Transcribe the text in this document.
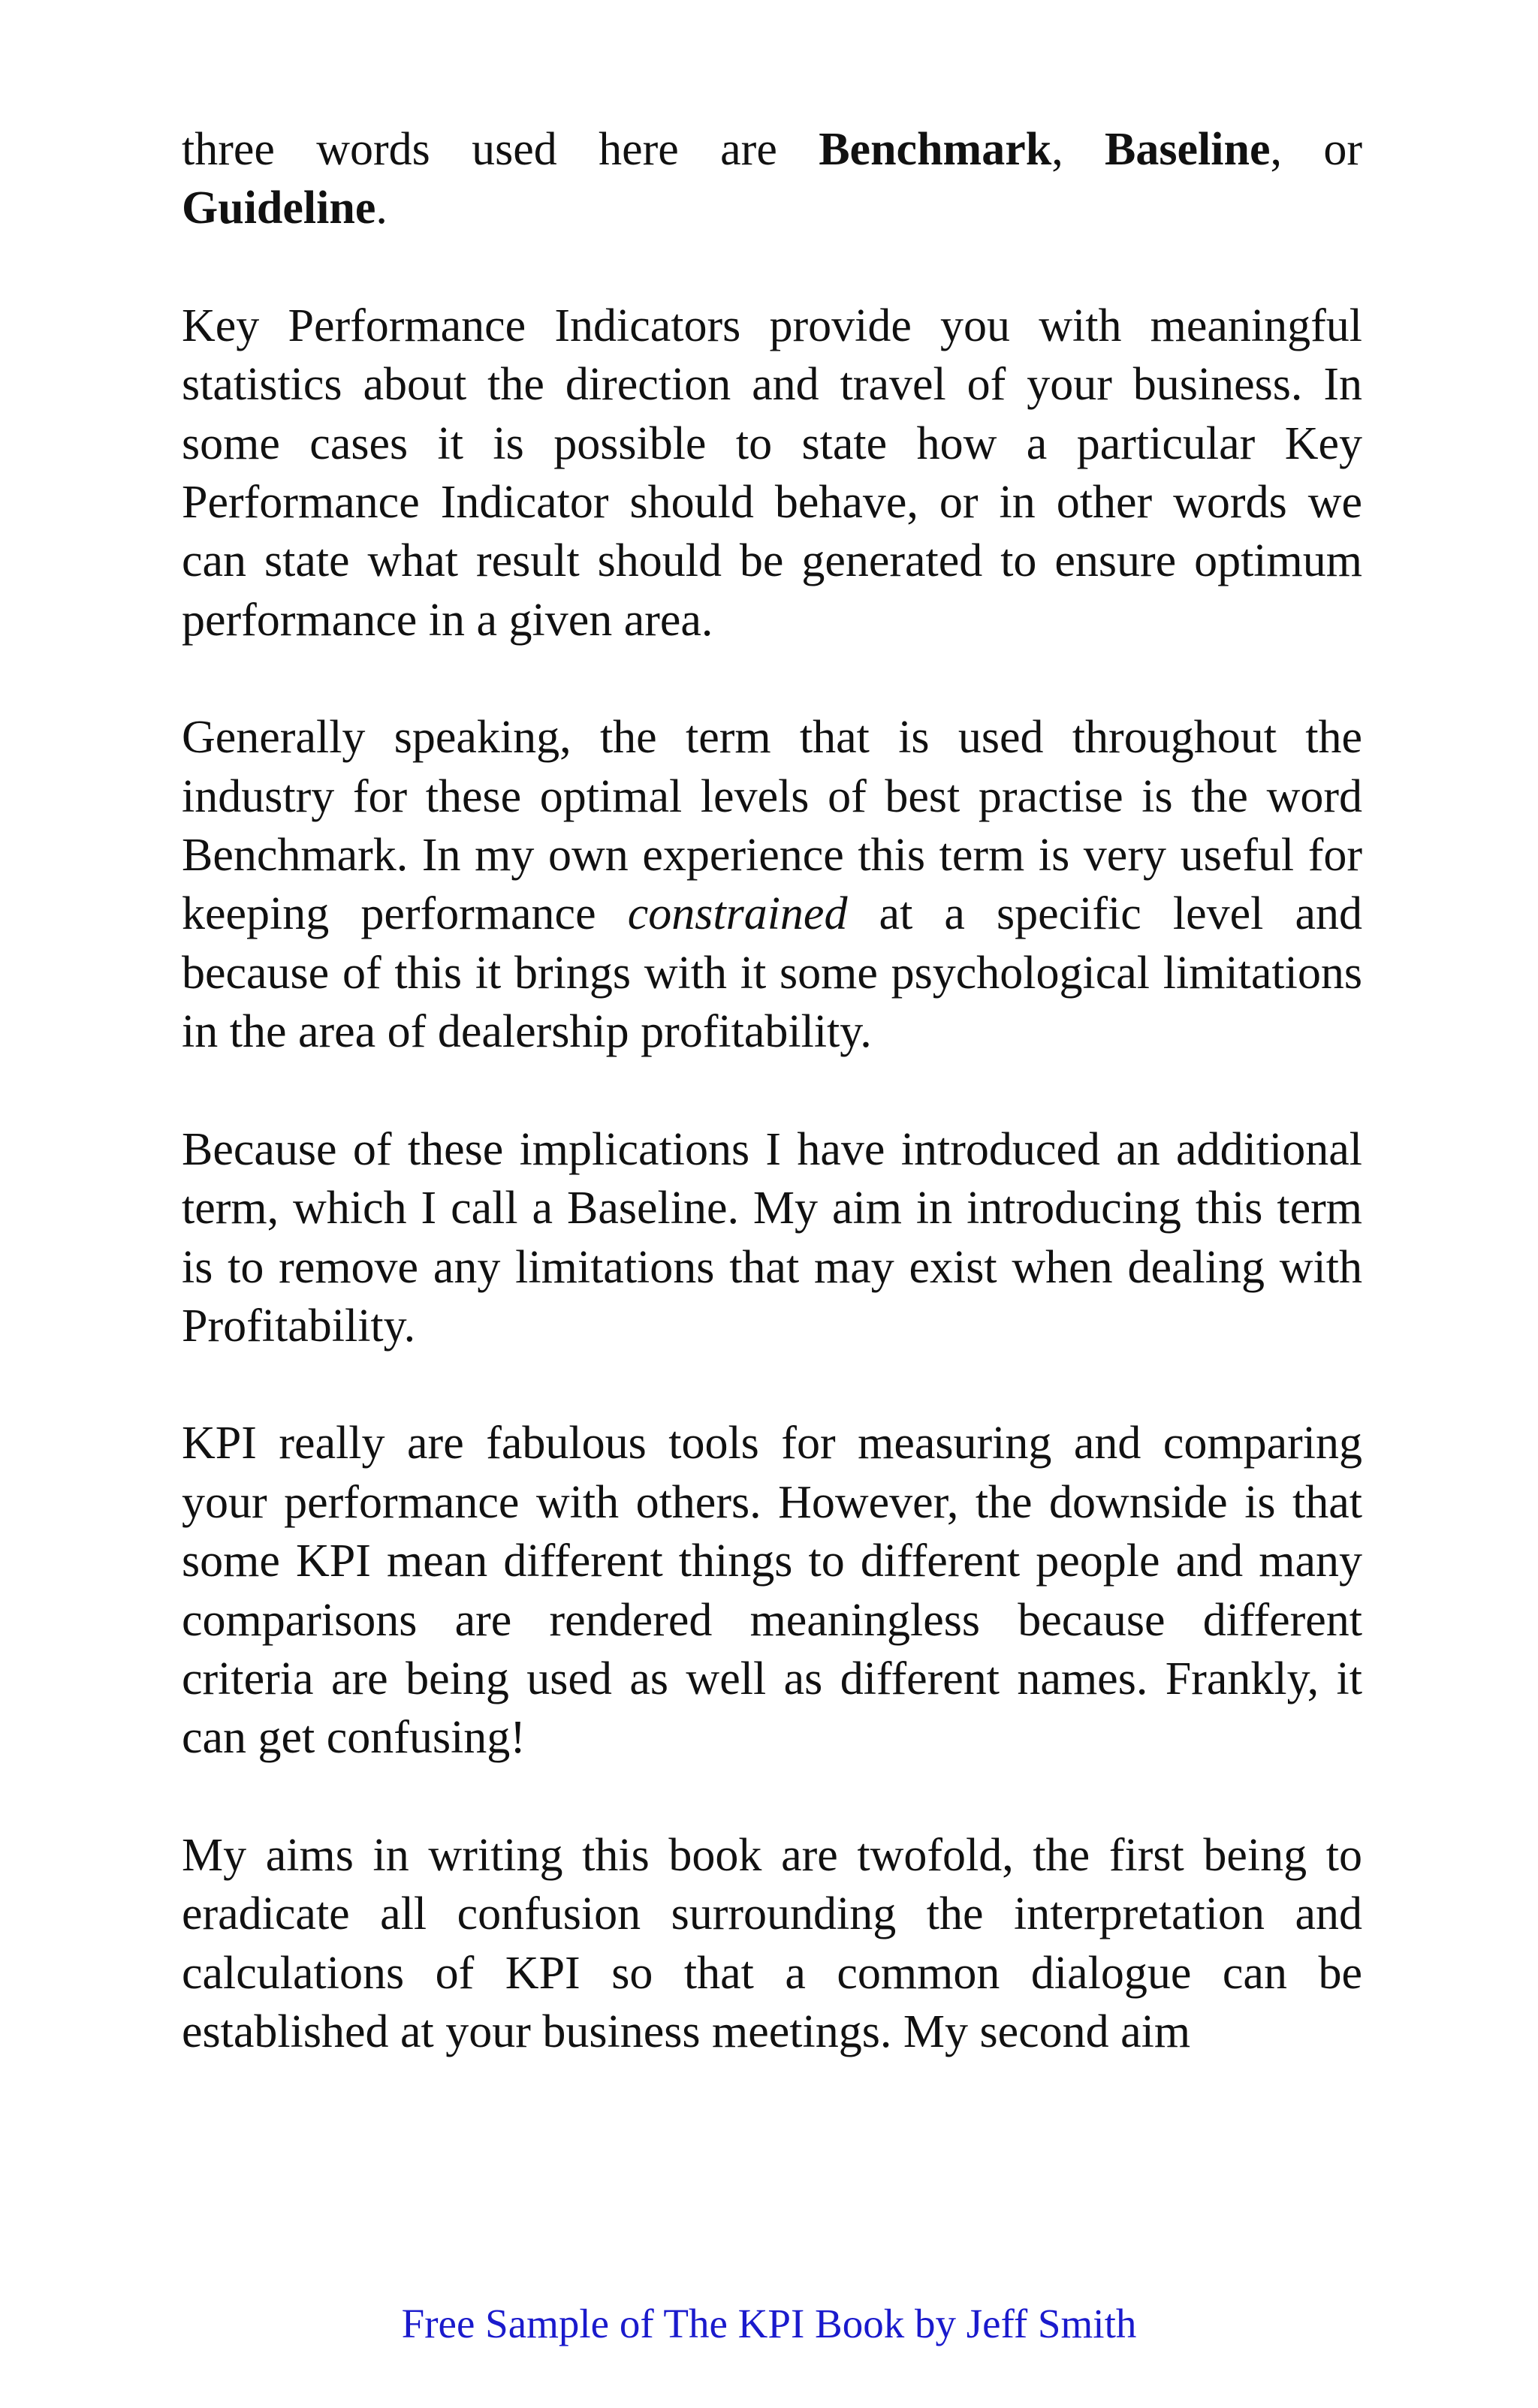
three words used here are Benchmark, Baseline, or Guideline.

Key Performance Indicators provide you with meaningful statistics about the direction and travel of your business. In some cases it is possible to state how a particular Key Performance Indicator should behave, or in other words we can state what result should be generated to ensure optimum performance in a given area.

Generally speaking, the term that is used throughout the industry for these optimal levels of best practise is the word Benchmark. In my own experience this term is very useful for keeping performance constrained at a specific level and because of this it brings with it some psychological limitations in the area of dealership profitability.

Because of these implications I have introduced an additional term, which I call a Baseline. My aim in introducing this term is to remove any limitations that may exist when dealing with Profitability.

KPI really are fabulous tools for measuring and comparing your performance with others. However, the downside is that some KPI mean different things to different people and many comparisons are rendered meaningless because different criteria are being used as well as different names. Frankly, it can get confusing!

My aims in writing this book are twofold, the first being to eradicate all confusion surrounding the interpretation and calculations of KPI so that a common dialogue can be established at your business meetings. My second aim

Free Sample of The KPI Book by Jeff Smith
